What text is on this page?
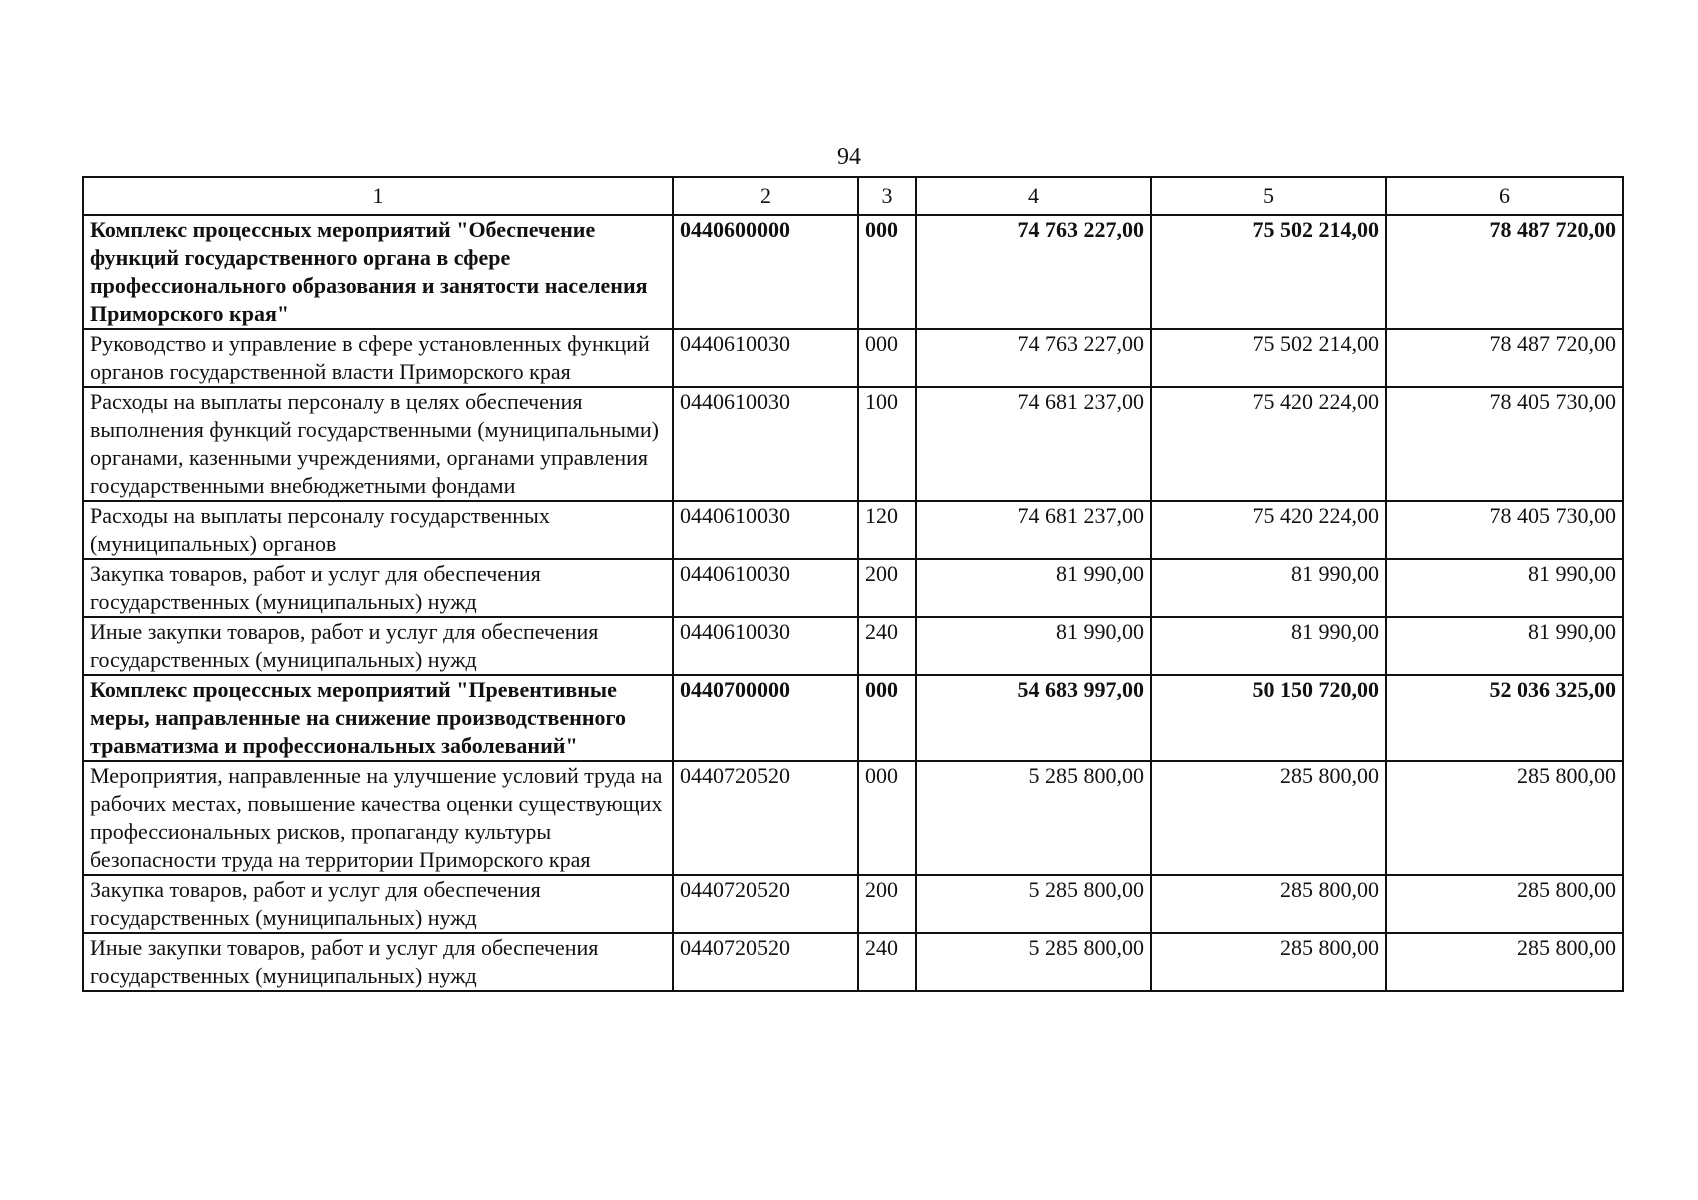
94
1	2	3	4	5	6
Комплекс процессных мероприятий "Обеспечение функций государственного органа в сфере профессионального образования и занятости населения Приморского края"	0440600000	000	74 763 227,00	75 502 214,00	78 487 720,00
Руководство и управление в сфере установленных функций органов государственной власти Приморского края	0440610030	000	74 763 227,00	75 502 214,00	78 487 720,00
Расходы на выплаты персоналу в целях обеспечения выполнения функций государственными (муниципальными) органами, казенными учреждениями, органами управления государственными внебюджетными фондами	0440610030	100	74 681 237,00	75 420 224,00	78 405 730,00
Расходы на выплаты персоналу государственных (муниципальных) органов	0440610030	120	74 681 237,00	75 420 224,00	78 405 730,00
Закупка товаров, работ и услуг для обеспечения государственных (муниципальных) нужд	0440610030	200	81 990,00	81 990,00	81 990,00
Иные закупки товаров, работ и услуг для обеспечения государственных (муниципальных) нужд	0440610030	240	81 990,00	81 990,00	81 990,00
Комплекс процессных мероприятий "Превентивные меры, направленные на снижение производственного травматизма и профессиональных заболеваний"	0440700000	000	54 683 997,00	50 150 720,00	52 036 325,00
Мероприятия, направленные на улучшение условий труда на рабочих местах, повышение качества оценки существующих профессиональных рисков, пропаганду культуры безопасности труда на территории Приморского края	0440720520	000	5 285 800,00	285 800,00	285 800,00
Закупка товаров, работ и услуг для обеспечения государственных (муниципальных) нужд	0440720520	200	5 285 800,00	285 800,00	285 800,00
Иные закупки товаров, работ и услуг для обеспечения государственных (муниципальных) нужд	0440720520	240	5 285 800,00	285 800,00	285 800,00
